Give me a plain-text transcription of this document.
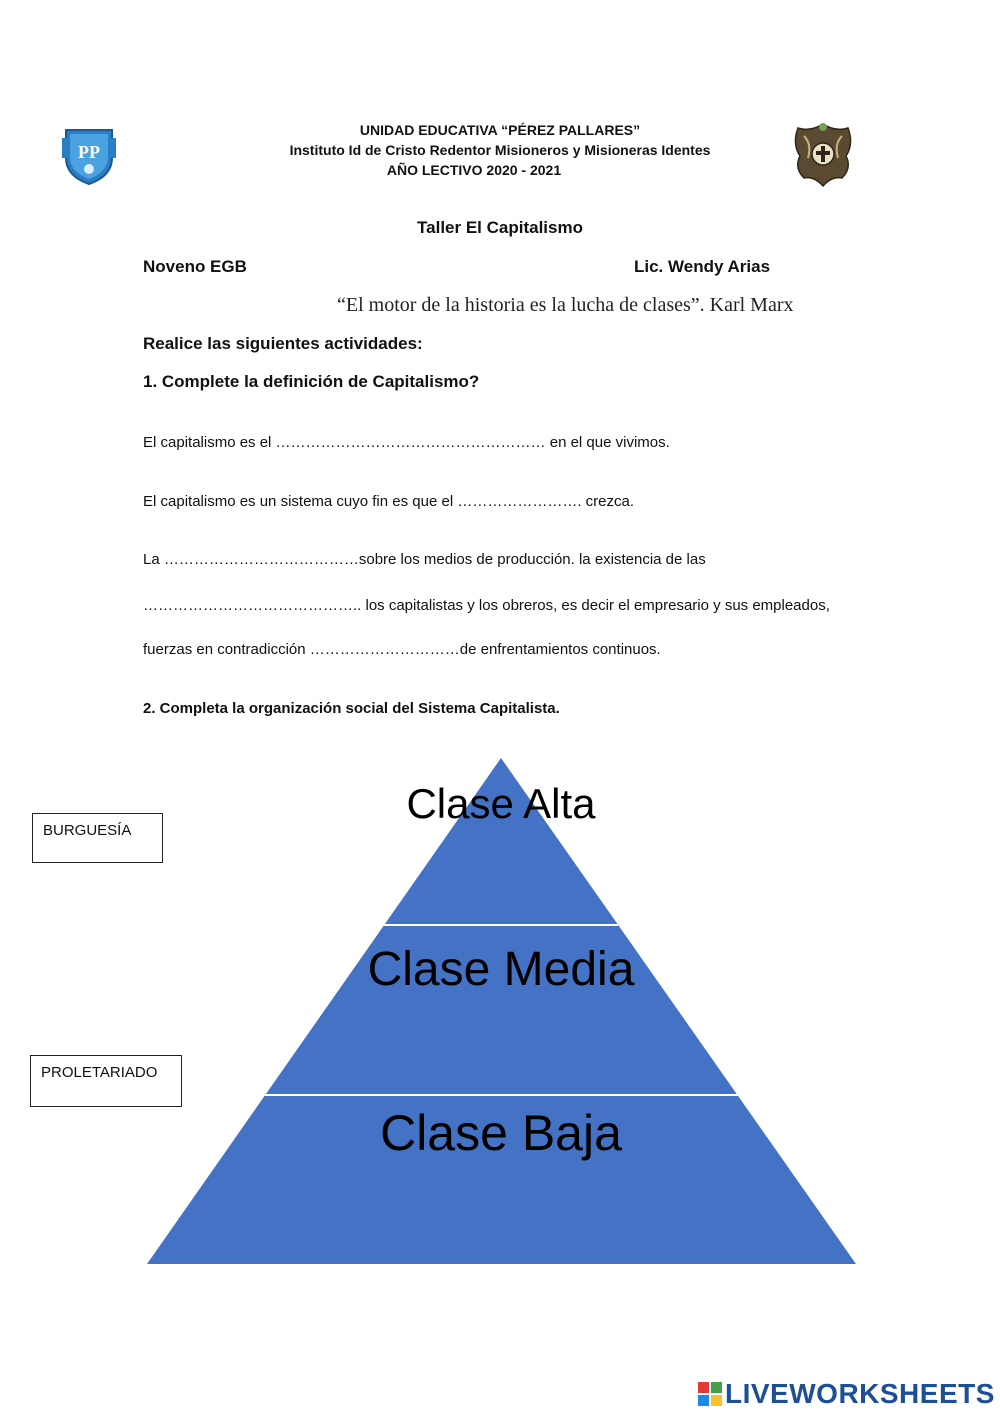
PP
UNIDAD EDUCATIVA “PÉREZ PALLARES”
Instituto Id de Cristo Redentor Misioneros y Misioneras Identes
AÑO LECTIVO 2020 - 2021
Taller El Capitalismo
Noveno EGB	Lic. Wendy Arias
“El motor de la historia es la lucha de clases”. Karl Marx
Realice las siguientes actividades:
1. Complete la definición de Capitalismo?
El capitalismo es el ……………………………………………… en el que vivimos.
El capitalismo es un sistema cuyo fin es que el ……………………. crezca.
La …………………………………sobre los medios de producción. la existencia de las
…………………………………….. los capitalistas y los obreros, es decir el empresario y sus empleados,
fuerzas en contradicción …………………………de enfrentamientos continuos.
2. Completa la organización social del Sistema Capitalista.
Clase Alta
Clase Media
Clase Baja
BURGUESÍA
PROLETARIADO
LIVEWORKSHEETS
